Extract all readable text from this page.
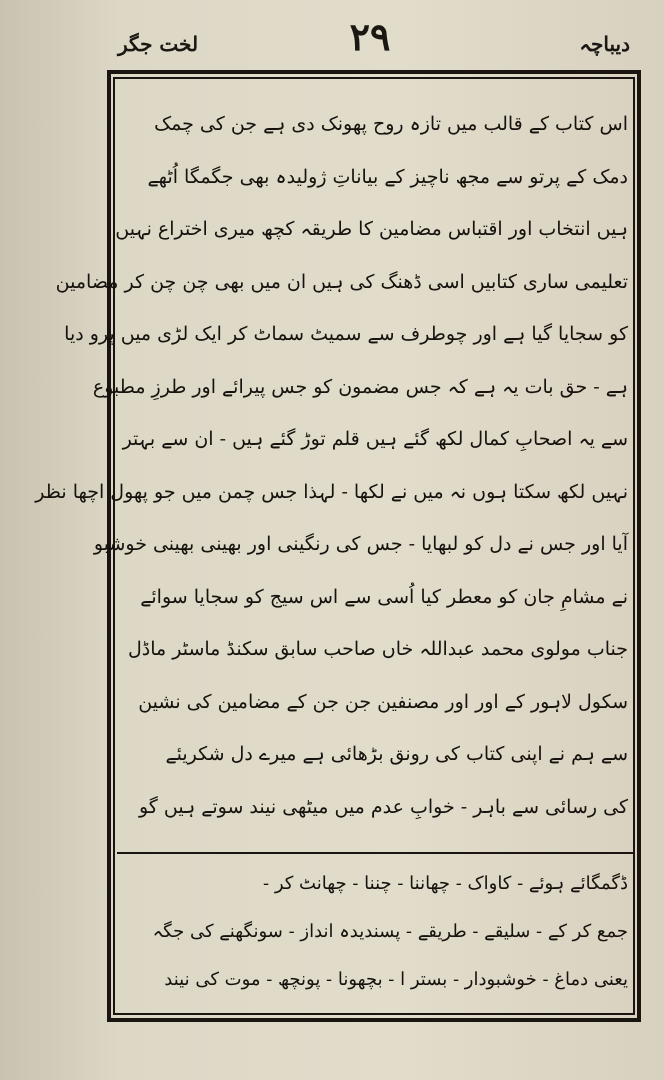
دیباچہ
۲۹
لخت جگر
اس کتاب کے قالب میں تازہ روح پھونک دی ہے جن کی چمک
دمک کے پرتو سے مجھ ناچیز کے بیاناتِ ژولیدہ بھی جگمگا اُٹھے
ہیں انتخاب اور اقتباس مضامین کا طریقہ کچھ میری اختراع نہیں
تعلیمی ساری کتابیں اسی ڈھنگ کی ہیں ان میں بھی چن چن کر مضامین
کو سجایا گیا ہے اور چوطرف سے سمیٹ سماٹ کر ایک لڑی میں پرو دیا
ہے - حق بات یہ ہے کہ جس مضمون کو جس پیرائے اور طرزِ مطبوع
سے یہ اصحابِ کمال لکھ گئے ہیں قلم توڑ گئے ہیں - ان سے بہتر
نہیں لکھ سکتا ہوں نہ میں نے لکھا - لہذا جس چمن میں جو پھول اچھا نظر
آیا اور جس نے دل کو لبھایا - جس کی رنگینی اور بھینی بھینی خوشبو
نے مشامِ جان کو معطر کیا اُسی سے اس سیج کو سجایا سوائے
جناب مولوی محمد عبداللہ خاں صاحب سابق سکنڈ ماسٹر ماڈل
سکول لاہور کے اور اور مصنفین جن جن کے مضامین کی نشین
سے ہم نے اپنی کتاب کی رونق بڑھائی ہے میرے دل شکریئے
کی رسائی سے باہر - خوابِ عدم میں میٹھی نیند سوتے ہیں گو
ڈگمگائے ہوئے - کاواک - چھاننا - چننا - چھانٹ کر -
جمع کر کے - سلیقے - طریقے - پسندیدہ انداز - سونگھنے کی جگہ
یعنی دماغ - خوشبودار - بستر ا - بچھونا - پونچھ - موت کی نیند
